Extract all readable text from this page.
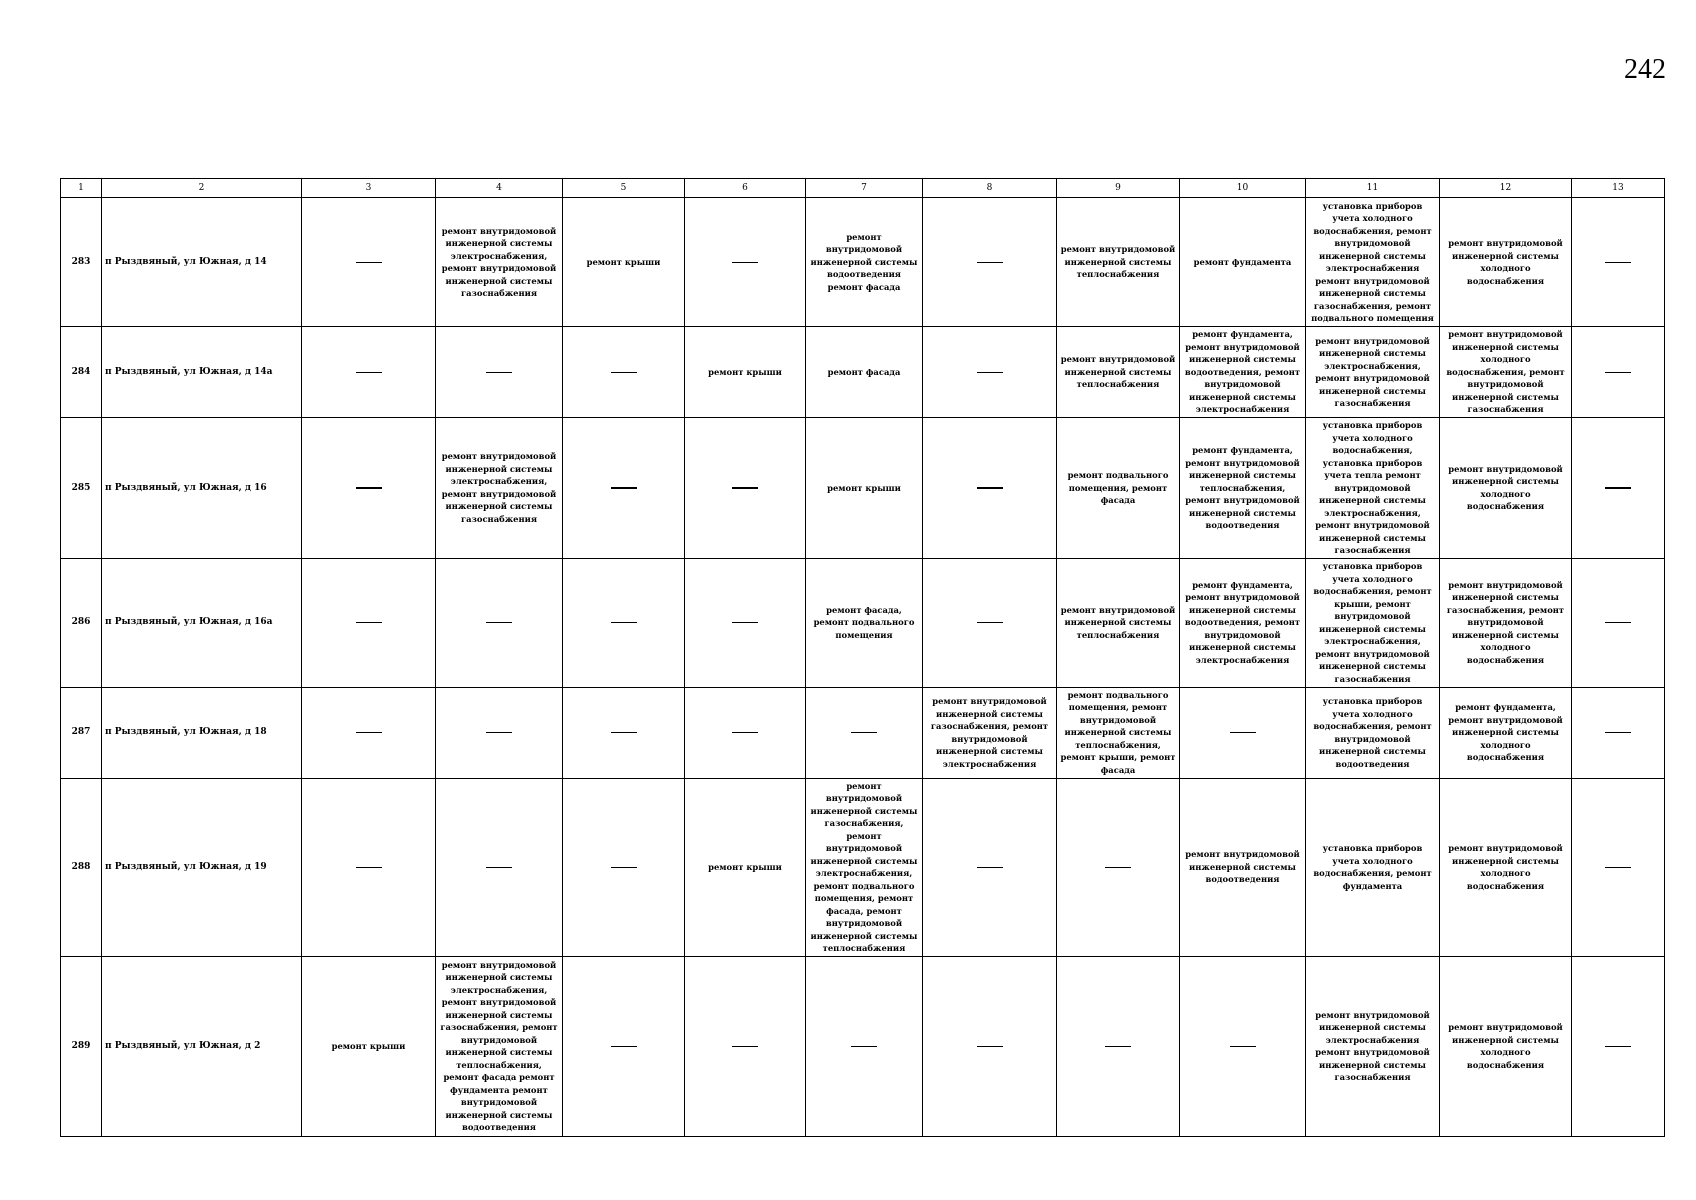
242
1	2	3	4	5	6	7	8	9	10	11	12	13
283	п Рыздвяный, ул Южная, д 14		ремонт внутридомовой инженерной системы электроснабжения, ремонт внутридомовой инженерной системы газоснабжения	ремонт крыши		ремонт внутридомовой инженерной системы водоотведения ремонт фасада		ремонт внутридомовой инженерной системы теплоснабжения	ремонт фундамента	установка приборов учета холодного водоснабжения, ремонт внутридомовой инженерной системы электроснабжения ремонт внутридомовой инженерной системы газоснабжения, ремонт подвального помещения	ремонт внутридомовой инженерной системы холодного водоснабжения	
284	п Рыздвяный, ул Южная, д 14а				ремонт крыши	ремонт фасада		ремонт внутридомовой инженерной системы теплоснабжения	ремонт фундамента, ремонт внутридомовой инженерной системы водоотведения, ремонт внутридомовой инженерной системы электроснабжения	ремонт внутридомовой инженерной системы электроснабжения, ремонт внутридомовой инженерной системы газоснабжения	ремонт внутридомовой инженерной системы холодного водоснабжения, ремонт внутридомовой инженерной системы газоснабжения	
285	п Рыздвяный, ул Южная, д 16		ремонт внутридомовой инженерной системы электроснабжения, ремонт внутридомовой инженерной системы газоснабжения			ремонт крыши		ремонт подвального помещения, ремонт фасада	ремонт фундамента, ремонт внутридомовой инженерной системы теплоснабжения, ремонт внутридомовой инженерной системы водоотведения	установка приборов учета холодного водоснабжения, установка приборов учета тепла ремонт внутридомовой инженерной системы электроснабжения, ремонт внутридомовой инженерной системы газоснабжения	ремонт внутридомовой инженерной системы холодного водоснабжения	
286	п Рыздвяный, ул Южная, д 16а					ремонт фасада, ремонт подвального помещения		ремонт внутридомовой инженерной системы теплоснабжения	ремонт фундамента, ремонт внутридомовой инженерной системы водоотведения, ремонт внутридомовой инженерной системы электроснабжения	установка приборов учета холодного водоснабжения, ремонт крыши, ремонт внутридомовой инженерной системы электроснабжения, ремонт внутридомовой инженерной системы газоснабжения	ремонт внутридомовой инженерной системы газоснабжения, ремонт внутридомовой инженерной системы холодного водоснабжения	
287	п Рыздвяный, ул Южная, д 18						ремонт внутридомовой инженерной системы газоснабжения, ремонт внутридомовой инженерной системы электроснабжения	ремонт подвального помещения, ремонт внутридомовой инженерной системы теплоснабжения, ремонт крыши, ремонт фасада		установка приборов учета холодного водоснабжения, ремонт внутридомовой инженерной системы водоотведения	ремонт фундамента, ремонт внутридомовой инженерной системы холодного водоснабжения	
288	п Рыздвяный, ул Южная, д 19				ремонт крыши	ремонт внутридомовой инженерной системы газоснабжения, ремонт внутридомовой инженерной системы электроснабжения, ремонт подвального помещения, ремонт фасада, ремонт внутридомовой инженерной системы теплоснабжения			ремонт внутридомовой инженерной системы водоотведения	установка приборов учета холодного водоснабжения, ремонт фундамента	ремонт внутридомовой инженерной системы холодного водоснабжения	
289	п Рыздвяный, ул Южная, д 2	ремонт крыши	ремонт внутридомовой инженерной системы электроснабжения, ремонт внутридомовой инженерной системы газоснабжения, ремонт внутридомовой инженерной системы теплоснабжения, ремонт фасада ремонт фундамента ремонт внутридомовой инженерной системы водоотведения							ремонт внутридомовой инженерной системы электроснабжения ремонт внутридомовой инженерной системы газоснабжения	ремонт внутридомовой инженерной системы холодного водоснабжения	
